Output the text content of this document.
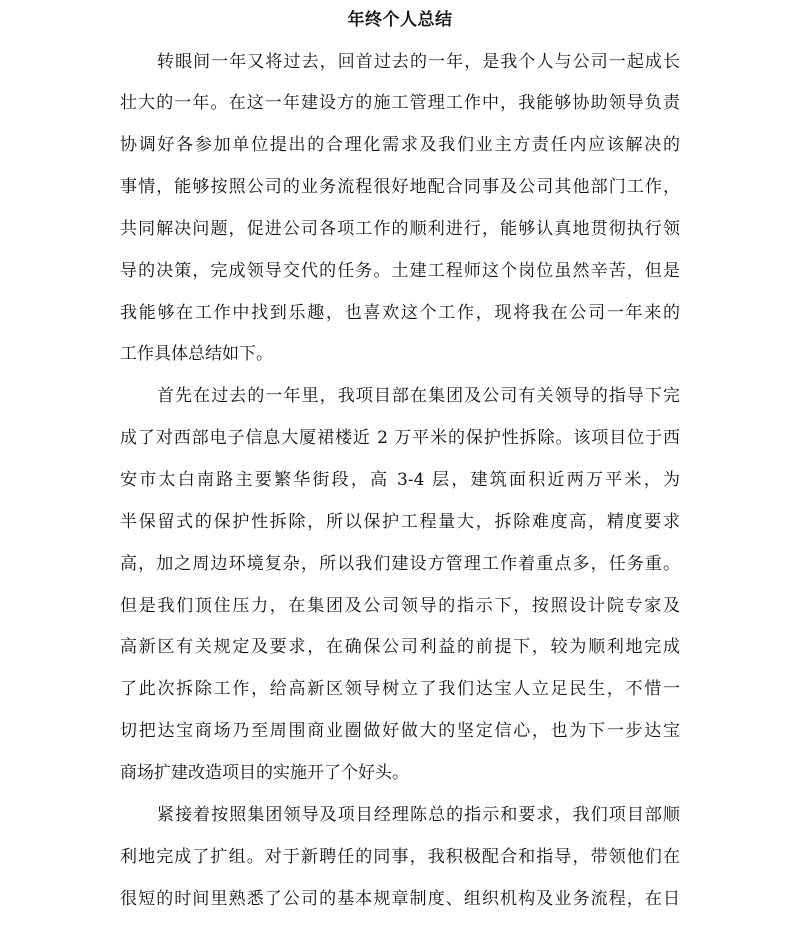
年终个人总结
转眼间一年又将过去，回首过去的一年，是我个人与公司一起成长
壮大的一年。在这一年建设方的施工管理工作中，我能够协助领导负责
协调好各参加单位提出的合理化需求及我们业主方责任内应该解决的
事情，能够按照公司的业务流程很好地配合同事及公司其他部门工作，
共同解决问题，促进公司各项工作的顺利进行，能够认真地贯彻执行领
导的决策，完成领导交代的任务。土建工程师这个岗位虽然辛苦，但是
我能够在工作中找到乐趣，也喜欢这个工作，现将我在公司一年来的
工作具体总结如下。
首先在过去的一年里，我项目部在集团及公司有关领导的指导下完
成了对西部电子信息大厦裙楼近 2 万平米的保护性拆除。该项目位于西
安市太白南路主要繁华街段，高 3-4 层，建筑面积近两万平米，为
半保留式的保护性拆除，所以保护工程量大，拆除难度高，精度要求
高，加之周边环境复杂，所以我们建设方管理工作着重点多，任务重。
但是我们顶住压力，在集团及公司领导的指示下，按照设计院专家及
高新区有关规定及要求，在确保公司利益的前提下，较为顺利地完成
了此次拆除工作，给高新区领导树立了我们达宝人立足民生，不惜一
切把达宝商场乃至周围商业圈做好做大的坚定信心，也为下一步达宝
商场扩建改造项目的实施开了个好头。
紧接着按照集团领导及项目经理陈总的指示和要求，我们项目部顺
利地完成了扩组。对于新聘任的同事，我积极配合和指导，带领他们在
很短的时间里熟悉了公司的基本规章制度、组织机构及业务流程，在日
